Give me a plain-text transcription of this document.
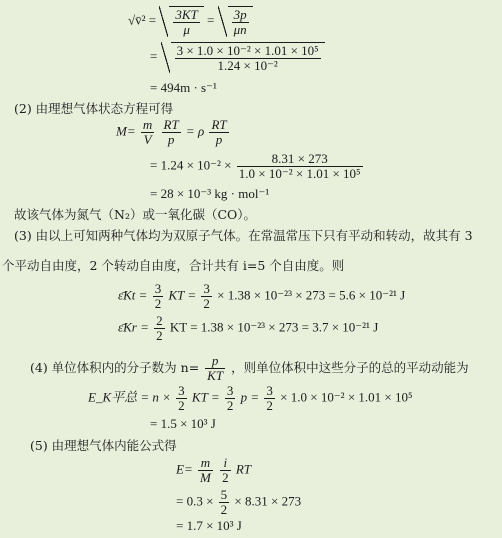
√v̄² = $\frac{3KT}{\mu} = \frac{3p}{\mu n}$
= $\frac{\text{3 × 1.0 × 10⁻² × 1.01 × 10⁵}}{\text{1.24 × 10⁻²}}$
= 494m · s⁻¹
(2) 由理想气体状态方程可得
$M= \frac{m}{V}$
$\frac{RT}{p} = \rho \frac{RT}{p}$
= $1.24 \times 10^{-2} \times \frac{8.31 \times 273}{\text{1.0 × 10⁻² × 1.01 × 10⁵}}$
= 28 × 10⁻³ kg · mol⁻¹
故该气体为氮气（N₂）或一氧化碳（CO）。
(3) 由以上可知两种气体均为双原子气体。在常温常压下只有平动和转动，故其有 3
个平动自由度，2 个转动自由度，合计共有 i=5 个自由度。则
ε̄Kt = $\frac{3}{2}$ KT = $\frac{3}{2} \times 1.38 \times 10^{-23} \times 273 = 5.6 \times 10^{-21}$ J
ε̄Kr = $\frac{2}{2}$ KT = 1.38 × 10⁻²³ × 273 = 3.7 × 10⁻²¹ J
(4) 单位体积内的分子数为 $n= \frac{p}{KT}$ ，则单位体积中这些分子的总的平动动能为
E_K平总 = $n \times \frac{3}{2}$ KT = $\frac{3}{2}$ $p = \frac{3}{2} \times 1.0 \times 10^{-2} \times 1.01 \times 10^5$
= 1.5 × 10³ J
(5) 由理想气体内能公式得
$E= \frac{m}{M}$
$\frac{i}{2}$ RT
= $0.3 \times \frac{5}{2} \times 8.31 \times 273$
= 1.7 × 10³ J
